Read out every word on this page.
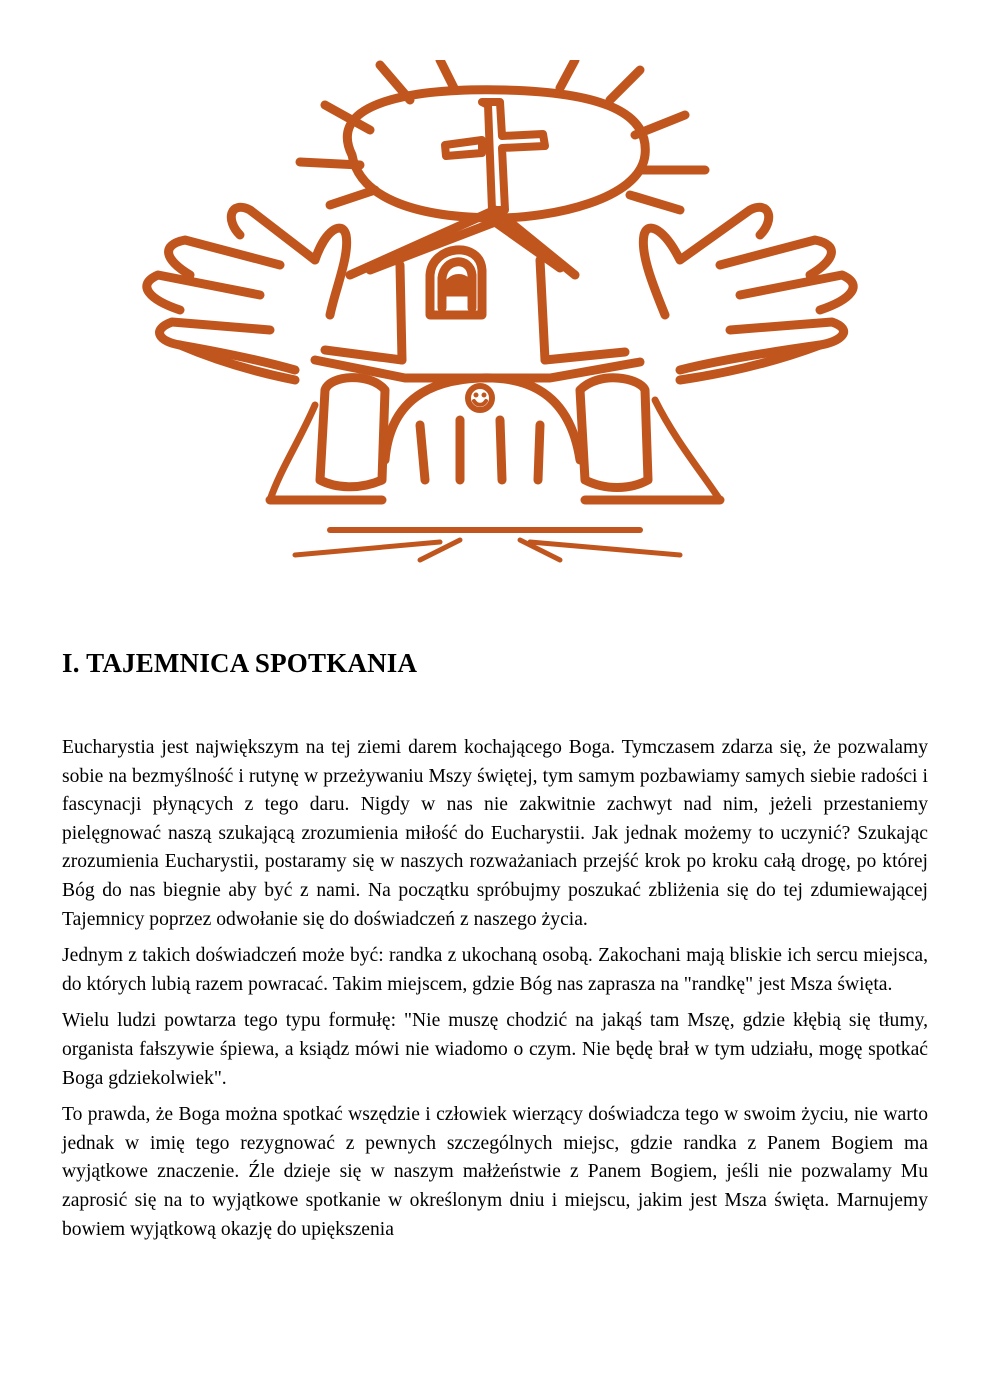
I. TAJEMNICA SPOTKANIA

Eucharystia jest największym na tej ziemi darem kochającego Boga. Tymczasem zdarza się, że pozwalamy sobie na bezmyślność i rutynę w przeżywaniu Mszy świętej, tym samym pozbawiamy samych siebie radości i fascynacji płynących z tego daru. Nigdy w nas nie zakwitnie zachwyt nad nim, jeżeli przestaniemy pielęgnować naszą szukającą zrozumienia miłość do Eucharystii. Jak jednak możemy to uczynić? Szukając zrozumienia Eucharystii, postaramy się w naszych rozważaniach przejść krok po kroku całą drogę, po której Bóg do nas biegnie aby być z nami. Na początku spróbujmy poszukać zbliżenia się do tej zdumiewającej Tajemnicy poprzez odwołanie się do doświadczeń z naszego życia.

Jednym z takich doświadczeń może być: randka z ukochaną osobą. Zakochani mają bliskie ich sercu miejsca, do których lubią razem powracać. Takim miejscem, gdzie Bóg nas zaprasza na "randkę" jest Msza święta.

Wielu ludzi powtarza tego typu formułę: "Nie muszę chodzić na jakąś tam Mszę, gdzie kłębią się tłumy, organista fałszywie śpiewa, a ksiądz mówi nie wiadomo o czym. Nie będę brał w tym udziału, mogę spotkać Boga gdziekolwiek".

To prawda, że Boga można spotkać wszędzie i człowiek wierzący doświadcza tego w swoim życiu, nie warto jednak w imię tego rezygnować z pewnych szczególnych miejsc, gdzie randka z Panem Bogiem ma wyjątkowe znaczenie. Źle dzieje się w naszym małżeństwie z Panem Bogiem, jeśli nie pozwalamy Mu zaprosić się na to wyjątkowe spotkanie w określonym dniu i miejscu, jakim jest Msza święta. Marnujemy bowiem wyjątkową okazję do upiększenia
